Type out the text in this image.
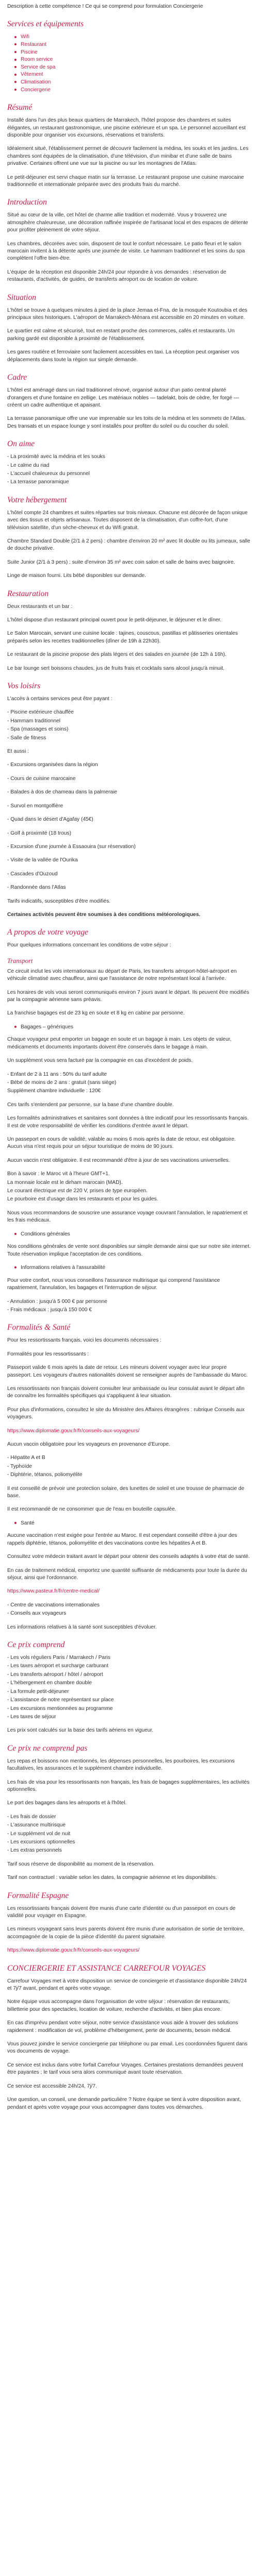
Description à cette compétence ! Ce qui se comprend pour formulation Conciergerie

Services et équipements
Wifi
Restaurant
Piscine
Room service
Service de spa
Vêtement
Climatisation
Conciergerie
Résumé

Installé dans l'un des plus beaux quartiers de Marrakech, l'hôtel propose des chambres et suites élégantes, un restaurant gastronomique, une piscine extérieure et un spa. Le personnel accueillant est disponible pour organiser vos excursions, réservations et transferts.

Idéalement situé, l'établissement permet de découvrir facilement la médina, les souks et les jardins. Les chambres sont équipées de la climatisation, d'une télévision, d'un minibar et d'une salle de bains privative. Certaines offrent une vue sur la piscine ou sur les montagnes de l'Atlas.

Le petit-déjeuner est servi chaque matin sur la terrasse. Le restaurant propose une cuisine marocaine traditionnelle et internationale préparée avec des produits frais du marché.

Introduction

Situé au cœur de la ville, cet hôtel de charme allie tradition et modernité. Vous y trouverez une atmosphère chaleureuse, une décoration raffinée inspirée de l'artisanat local et des espaces de détente pour profiter pleinement de votre séjour.

Les chambres, décorées avec soin, disposent de tout le confort nécessaire. Le patio fleuri et le salon marocain invitent à la détente après une journée de visite. Le hammam traditionnel et les soins du spa complètent l'offre bien-être.

L'équipe de la réception est disponible 24h/24 pour répondre à vos demandes : réservation de restaurants, d'activités, de guides, de transferts aéroport ou de location de voiture.

Situation

L'hôtel se trouve à quelques minutes à pied de la place Jemaa el-Fna, de la mosquée Koutoubia et des principaux sites historiques. L'aéroport de Marrakech-Ménara est accessible en 20 minutes en voiture.

Le quartier est calme et sécurisé, tout en restant proche des commerces, cafés et restaurants. Un parking gardé est disponible à proximité de l'établissement.

Les gares routière et ferroviaire sont facilement accessibles en taxi. La réception peut organiser vos déplacements dans toute la région sur simple demande.

Cadre

L'hôtel est aménagé dans un riad traditionnel rénové, organisé autour d'un patio central planté d'orangers et d'une fontaine en zellige. Les matériaux nobles — tadelakt, bois de cèdre, fer forgé — créent un cadre authentique et apaisant.

La terrasse panoramique offre une vue imprenable sur les toits de la médina et les sommets de l'Atlas. Des transats et un espace lounge y sont installés pour profiter du soleil ou du coucher du soleil.

On aime

- La proximité avec la médina et les souks

- Le calme du riad

- L'accueil chaleureux du personnel

- La terrasse panoramique

Votre hébergement

L'hôtel compte 24 chambres et suites réparties sur trois niveaux. Chacune est décorée de façon unique avec des tissus et objets artisanaux. Toutes disposent de la climatisation, d'un coffre-fort, d'une télévision satellite, d'un sèche-cheveux et du Wifi gratuit.

Chambre Standard Double (2/1 à 2 pers) : chambre d'environ 20 m² avec lit double ou lits jumeaux, salle de douche privative.

Suite Junior (2/1 à 3 pers) : suite d'environ 35 m² avec coin salon et salle de bains avec baignoire.

Linge de maison fourni. Lits bébé disponibles sur demande.

Restauration

Deux restaurants et un bar :

L'hôtel dispose d'un restaurant principal ouvert pour le petit-déjeuner, le déjeuner et le dîner.

Le Salon Marocain, servant une cuisine locale : tajines, couscous, pastillas et pâtisseries orientales préparés selon les recettes traditionnelles (dîner de 19h à 22h30).

Le restaurant de la piscine propose des plats légers et des salades en journée (de 12h à 16h).

Le bar lounge sert boissons chaudes, jus de fruits frais et cocktails sans alcool jusqu'à minuit.

Vos loisirs

L'accès à certains services peut être payant :

- Piscine extérieure chauffée

- Hammam traditionnel

- Spa (massages et soins)

- Salle de fitness

Et aussi :

- Excursions organisées dans la région

- Cours de cuisine marocaine

- Balades à dos de chameau dans la palmeraie

- Survol en montgolfière

- Quad dans le désert d'Agafay (45€)

- Golf à proximité (18 trous)

- Excursion d'une journée à Essaouira (sur réservation)

- Visite de la vallée de l'Ourika

- Cascades d'Ouzoud

- Randonnée dans l'Atlas

Tarifs indicatifs, susceptibles d'être modifiés.

Certaines activités peuvent être soumises à des conditions météorologiques.

A propos de votre voyage

Pour quelques informations concernant les conditions de votre séjour :

Transport

Ce circuit inclut les vols internationaux au départ de Paris, les transferts aéroport-hôtel-aéroport en véhicule climatisé avec chauffeur, ainsi que l'assistance de notre représentant local à l'arrivée.

Les horaires de vols vous seront communiqués environ 7 jours avant le départ. Ils peuvent être modifiés par la compagnie aérienne sans préavis.

La franchise bagages est de 23 kg en soute et 8 kg en cabine par personne.

Bagages – génériques

Chaque voyageur peut emporter un bagage en soute et un bagage à main. Les objets de valeur, médicaments et documents importants doivent être conservés dans le bagage à main.

Un supplément vous sera facturé par la compagnie en cas d'excédent de poids.

- Enfant de 2 à 11 ans : 50% du tarif adulte

- Bébé de moins de 2 ans : gratuit (sans siège)

Supplément chambre individuelle : 120€

Ces tarifs s'entendent par personne, sur la base d'une chambre double.

Les formalités administratives et sanitaires sont données à titre indicatif pour les ressortissants français. Il est de votre responsabilité de vérifier les conditions d'entrée avant le départ.

Un passeport en cours de validité, valable au moins 6 mois après la date de retour, est obligatoire. Aucun visa n'est requis pour un séjour touristique de moins de 90 jours.

Aucun vaccin n'est obligatoire. Il est recommandé d'être à jour de ses vaccinations universelles.

Bon à savoir : le Maroc vit à l'heure GMT+1.

La monnaie locale est le dirham marocain (MAD).

Le courant électrique est de 220 V, prises de type européen.

Le pourboire est d'usage dans les restaurants et pour les guides.

Nous vous recommandons de souscrire une assurance voyage couvrant l'annulation, le rapatriement et les frais médicaux.

Conditions générales

Nos conditions générales de vente sont disponibles sur simple demande ainsi que sur notre site internet. Toute réservation implique l'acceptation de ces conditions.

Informations relatives à l'assurabilité

Pour votre confort, nous vous conseillons l'assurance multirisque qui comprend l'assistance rapatriement, l'annulation, les bagages et l'interruption de séjour.

- Annulation : jusqu'à 5 000 € par personne

- Frais médicaux : jusqu'à 150 000 €

Formalités & Santé

Pour les ressortissants français, voici les documents nécessaires :

Formalités pour les ressortissants :

Passeport valide 6 mois après la date de retour. Les mineurs doivent voyager avec leur propre passeport. Les voyageurs d'autres nationalités doivent se renseigner auprès de l'ambassade du Maroc.

Les ressortissants non français doivent consulter leur ambassade ou leur consulat avant le départ afin de connaître les formalités spécifiques qui s'appliquent à leur situation.

Pour plus d'informations, consultez le site du Ministère des Affaires étrangères : rubrique Conseils aux voyageurs.

https://www.diplomatie.gouv.fr/fr/conseils-aux-voyageurs/

Aucun vaccin obligatoire pour les voyageurs en provenance d'Europe.

- Hépatite A et B

- Typhoïde

- Diphtérie, tétanos, poliomyélite

Il est conseillé de prévoir une protection solaire, des lunettes de soleil et une trousse de pharmacie de base.

Il est recommandé de ne consommer que de l'eau en bouteille capsulée.

Santé

Aucune vaccination n'est exigée pour l'entrée au Maroc. Il est cependant conseillé d'être à jour des rappels diphtérie, tétanos, poliomyélite et des vaccinations contre les hépatites A et B.

Consultez votre médecin traitant avant le départ pour obtenir des conseils adaptés à votre état de santé.

En cas de traitement médical, emportez une quantité suffisante de médicaments pour toute la durée du séjour, ainsi que l'ordonnance.

https://www.pasteur.fr/fr/centre-medical/

- Centre de vaccinations internationales

- Conseils aux voyageurs

Les informations relatives à la santé sont susceptibles d'évoluer.

Ce prix comprend

- Les vols réguliers Paris / Marrakech / Paris

- Les taxes aéroport et surcharge carburant

- Les transferts aéroport / hôtel / aéroport

- L'hébergement en chambre double

- La formule petit-déjeuner

- L'assistance de notre représentant sur place

- Les excursions mentionnées au programme

- Les taxes de séjour

Les prix sont calculés sur la base des tarifs aériens en vigueur.

Ce prix ne comprend pas

Les repas et boissons non mentionnés, les dépenses personnelles, les pourboires, les excursions facultatives, les assurances et le supplément chambre individuelle.

Les frais de visa pour les ressortissants non français, les frais de bagages supplémentaires, les activités optionnelles.

Le port des bagages dans les aéroports et à l'hôtel.

- Les frais de dossier

- L'assurance multirisque

- Le supplément vol de nuit

- Les excursions optionnelles

- Les extras personnels

Tarif sous réserve de disponibilité au moment de la réservation.

Tarif non contractuel : variable selon les dates, la compagnie aérienne et les disponibilités.

Formalité Espagne

Les ressortissants français doivent être munis d'une carte d'identité ou d'un passeport en cours de validité pour voyager en Espagne.

Les mineurs voyageant sans leurs parents doivent être munis d'une autorisation de sortie de territoire, accompagnée de la copie de la pièce d'identité du parent signataire.

https://www.diplomatie.gouv.fr/fr/conseils-aux-voyageurs/

CONCIERGERIE ET ASSISTANCE CARREFOUR VOYAGES

Carrefour Voyages met à votre disposition un service de conciergerie et d'assistance disponible 24h/24 et 7j/7 avant, pendant et après votre voyage.

Notre équipe vous accompagne dans l'organisation de votre séjour : réservation de restaurants, billetterie pour des spectacles, location de voiture, recherche d'activités, et bien plus encore.

En cas d'imprévu pendant votre séjour, notre service d'assistance vous aide à trouver des solutions rapidement : modification de vol, problème d'hébergement, perte de documents, besoin médical.

Vous pouvez joindre le service conciergerie par téléphone ou par email. Les coordonnées figurent dans vos documents de voyage.

Ce service est inclus dans votre forfait Carrefour Voyages. Certaines prestations demandées peuvent être payantes ; le tarif vous sera alors communiqué avant toute réservation.

Ce service est accessible 24h/24, 7j/7.

Une question, un conseil, une demande particulière ? Notre équipe se tient à votre disposition avant, pendant et après votre voyage pour vous accompagner dans toutes vos démarches.
